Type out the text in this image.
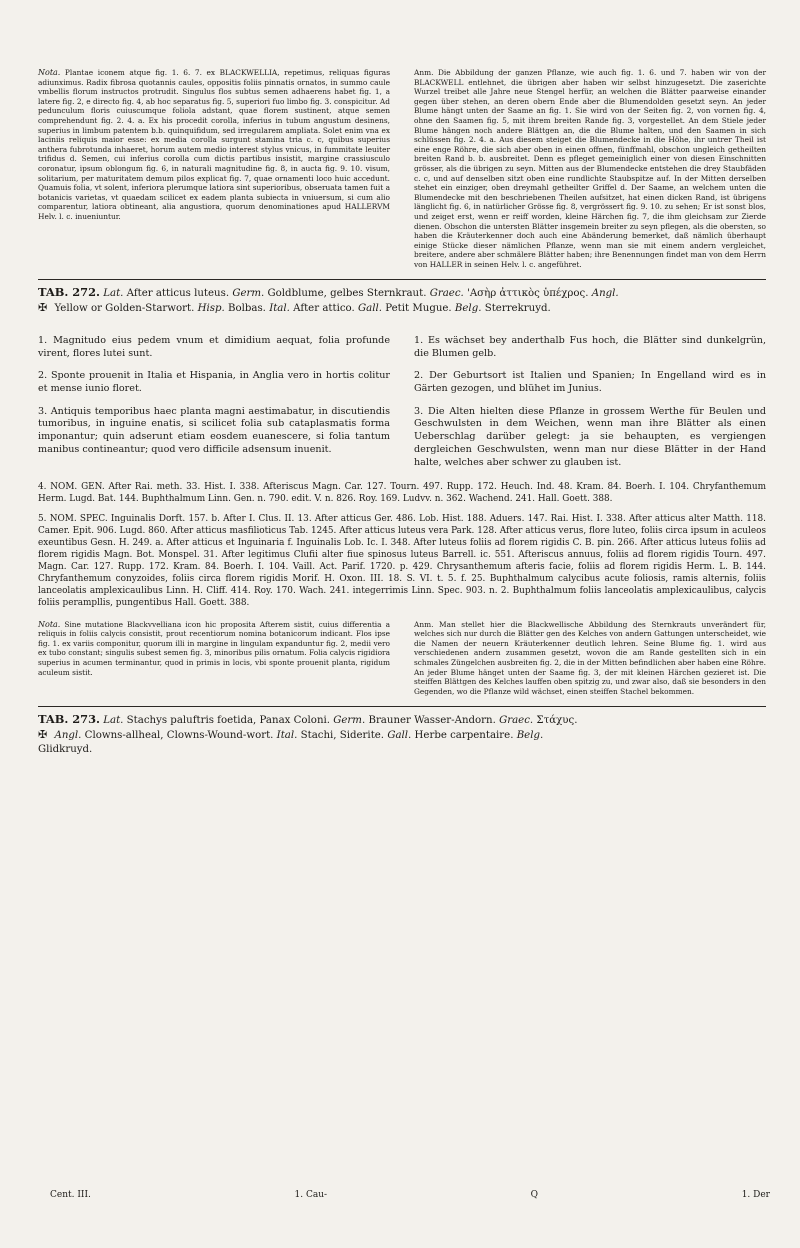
Nota. Plantae iconem atque fig. 1. 6. 7. ex BLACKWELLIA, repetimus, reliquas figuras adiunximus. Radix fibrosa quotannis caules, oppositis foliis pinnatis ornatos, in summo caule vmbellis florum instructos protrudit. Singulus flos subtus semen adhaerens habet fig. 1, a latere fig. 2, e directo fig. 4, ab hoc separatus fig. 5, superiori fuo limbo fig. 3. conspicitur. Ad pedunculum floris cuiuscumque foliola adstant, quae florem sustinent, atque semen comprehendunt fig. 2. 4. a. Ex his procedit corolla, inferius in tubum angustum desinens, superius in limbum patentem b.b. quinquifidum, sed irregularem ampliata. Solet enim vna ex laciniis reliquis maior esse: ex media corolla surgunt stamina tria c. c, quibus superius anthera fubrotunda inhaeret, horum autem medio interest stylus vnicus, in fummitate leuiter trifidus d. Semen, cui inferius corolla cum dictis partibus insistit, margine crassiusculo coronatur, ipsum oblongum fig. 6, in naturali magnitudine fig. 8, in aucta fig. 9. 10. visum, solitarium, per maturitatem demum pilos explicat fig. 7, quae ornamenti loco huic accedunt. Quamuis folia, vt solent, inferiora plerumque latiora sint superioribus, obseruata tamen fuit a botanicis varietas, vt quaedam scilicet ex eadem planta subiecta in vniuersum, si cum alio comparentur, latiora obtineant, alia angustiora, quorum denominationes apud HALLERVM Helv. l. c. inueniuntur.
Anm. Die Abbildung der ganzen Pflanze, wie auch fig. 1. 6. und 7. haben wir von der BLACKWELL entlehnet, die übrigen aber haben wir selbst hinzugesetzt. Die zaserichte Wurzel treibet alle Jahre neue Stengel herfür, an welchen die Blätter paarweise einander gegen über stehen, an deren obern Ende aber die Blumendolden gesetzt seyn. An jeder Blume hängt unten der Saame an fig. 1. Sie wird von der Seiten fig. 2, von vornen fig. 4, ohne den Saamen fig. 5, mit ihrem breiten Rande fig. 3, vorgestellet. An dem Stiele jeder Blume hängen noch andere Blättgen an, die die Blume halten, und den Saamen in sich schlüssen fig. 2. 4. a. Aus diesem steiget die Blumendecke in die Höhe, ihr untrer Theil ist eine enge Röhre, die sich aber oben in einen offnen, fünffmahl, obschon ungleich getheilten breiten Rand b. b. ausbreitet. Denn es pfleget gemeiniglich einer von diesen Einschnitten grösser, als die übrigen zu seyn. Mitten aus der Blumendecke entstehen die drey Staubfäden c. c, und auf denselben sitzt oben eine rundlichte Staubspitze auf. In der Mitten derselben stehet ein einziger, oben dreymahl getheilter Griffel d. Der Saame, an welchem unten die Blumendecke mit den beschriebenen Theilen aufsitzet, hat einen dicken Rand, ist übrigens länglicht fig. 6, in natürlicher Grösse fig. 8, vergrössert fig. 9. 10. zu sehen; Er ist sonst blos, und zeiget erst, wenn er reiff worden, kleine Härchen fig. 7, die ihm gleichsam zur Zierde dienen. Obschon die untersten Blätter insgemein breiter zu seyn pflegen, als die obersten, so haben die Kräuterkenner doch auch eine Abänderung bemerket, daß nämlich überhaupt einige Stücke dieser nämlichen Pflanze, wenn man sie mit einem andern vergleichet, breitere, andere aber schmälere Blätter haben; ihre Benennungen findet man von dem Herrn von HALLER in seinen Helv. l. c. angeführet.
TAB. 272. Lat. After atticus luteus. Germ. Goldblume, gelbes Sternkraut. Graec. 'Ασὴρ ἀττικὸς ὑπέχρος. Angl.
✠ Yellow or Golden-Starwort. Hisp. Bolbas. Ital. After attico. Gall. Petit Mugue. Belg. Sterrekruyd.

1. Magnitudo eius pedem vnum et dimidium aequat, folia profunde virent, flores lutei sunt.

2. Sponte prouenit in Italia et Hispania, in Anglia vero in hortis colitur et mense iunio floret.

3. Antiquis temporibus haec planta magni aestimabatur, in discutiendis tumoribus, in inguine enatis, si scilicet folia sub cataplasmatis forma imponantur; quin adserunt etiam eosdem euanescere, si folia tantum manibus contineantur; quod vero difficile adsensum inuenit.

1. Es wächset bey anderthalb Fus hoch, die Blätter sind dunkelgrün, die Blumen gelb.

2. Der Geburtsort ist Italien und Spanien; In Engelland wird es in Gärten gezogen, und blühet im Junius.

3. Die Alten hielten diese Pflanze in grossem Werthe für Beulen und Geschwulsten in dem Weichen, wenn man ihre Blätter als einen Ueberschlag darüber gelegt: ja sie behaupten, es vergiengen dergleichen Geschwulsten, wenn man nur diese Blätter in der Hand halte, welches aber schwer zu glauben ist.

4. NOM. GEN. After Rai. meth. 33. Hist. I. 338. Afteriscus Magn. Car. 127. Tourn. 497. Rupp. 172. Heuch. Ind. 48. Kram. 84. Boerh. I. 104. Chryfanthemum Herm. Lugd. Bat. 144. Buphthalmum Linn. Gen. n. 790. edit. V. n. 826. Roy. 169. Ludvv. n. 362. Wachend. 241. Hall. Goett. 388.

5. NOM. SPEC. Inguinalis Dorft. 157. b. After I. Clus. II. 13. After atticus Ger. 486. Lob. Hist. 188. Aduers. 147. Rai. Hist. I. 338. After atticus alter Matth. 118. Camer. Epit. 906. Lugd. 860. After atticus masfilioticus Tab. 1245. After atticus luteus vera Park. 128. After atticus verus, flore luteo, foliis circa ipsum in aculeos exeuntibus Gesn. H. 249. a. After atticus et Inguinaria f. Inguinalis Lob. Ic. I. 348. After luteus foliis ad florem rigidis C. B. pin. 266. After atticus luteus foliis ad florem rigidis Magn. Bot. Monspel. 31. After legitimus Clufii alter fiue spinosus luteus Barrell. ic. 551. Afteriscus annuus, foliis ad florem rigidis Tourn. 497. Magn. Car. 127. Rupp. 172. Kram. 84. Boerh. I. 104. Vaill. Act. Parif. 1720. p. 429. Chrysanthemum afteris facie, foliis ad florem rigidis Herm. L. B. 144. Chryfanthemum conyzoides, foliis circa florem rigidis Morif. H. Oxon. III. 18. S. VI. t. 5. f. 25. Buphthalmum calycibus acute foliosis, ramis alternis, foliis lanceolatis amplexicaulibus Linn. H. Cliff. 414. Roy. 170. Wach. 241. integerrimis Linn. Spec. 903. n. 2. Buphthalmum foliis lanceolatis amplexicaulibus, calycis foliis perampllis, pungentibus Hall. Goett. 388.

Nota. Sine mutatione Blackvvelliana icon hic proposita Afterem sistit, cuius differentia a reliquis in foliis calycis consistit, prout recentiorum nomina botanicorum indicant. Flos ipse fig. 1. ex variis componitur, quorum illi in margine in lingulam expanduntur fig. 2, medii vero ex tubo constant; singulis subest semen fig. 3, minoribus pilis ornatum. Folia calycis rigidiora superius in acumen terminantur, quod in primis in locis, vbi sponte prouenit planta, rigidum aculeum sistit.
Anm. Man stellet hier die Blackwellische Abbildung des Sternkrauts unverändert für, welches sich nur durch die Blätter gen des Kelches von andern Gattungen unterscheidet, wie die Namen der neuern Kräuterkenner deutlich lehren. Seine Blume fig. 1. wird aus verschiedenen andern zusammen gesetzt, wovon die am Rande gestellten sich in ein schmales Züngelchen ausbreiten fig. 2, die in der Mitten befindlichen aber haben eine Röhre. An jeder Blume hänget unten der Saame fig. 3, der mit kleinen Härchen gezieret ist. Die steiffen Blättgen des Kelches lauffen oben spitzig zu, und zwar also, daß sie besonders in den Gegenden, wo die Pflanze wild wächset, einen steiffen Stachel bekommen.
TAB. 273. Lat. Stachys paluftris foetida, Panax Coloni. Germ. Brauner Wasser-Andorn. Graec. Στάχυς.
✠ Angl. Clowns-allheal, Clowns-Wound-wort. Ital. Stachi, Siderite. Gall. Herbe carpentaire. Belg.
Glidkruyd.
Cent. III.	1. Cau-	Q	1. Der
